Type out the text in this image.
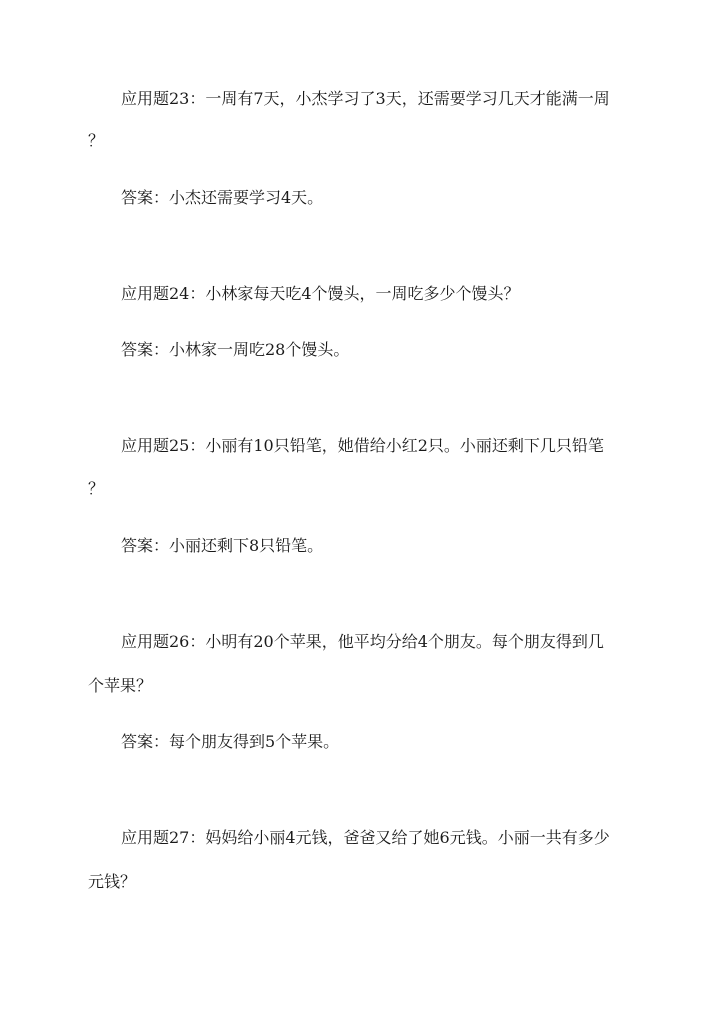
应用题23：一周有7天，小杰学习了3天，还需要学习几天才能满一周

？

答案：小杰还需要学习4天。

应用题24：小林家每天吃4个馒头，一周吃多少个馒头？

答案：小林家一周吃28个馒头。

应用题25：小丽有10只铅笔，她借给小红2只。小丽还剩下几只铅笔

？

答案：小丽还剩下8只铅笔。

应用题26：小明有20个苹果，他平均分给4个朋友。每个朋友得到几

个苹果？

答案：每个朋友得到5个苹果。

应用题27：妈妈给小丽4元钱，爸爸又给了她6元钱。小丽一共有多少

元钱？
